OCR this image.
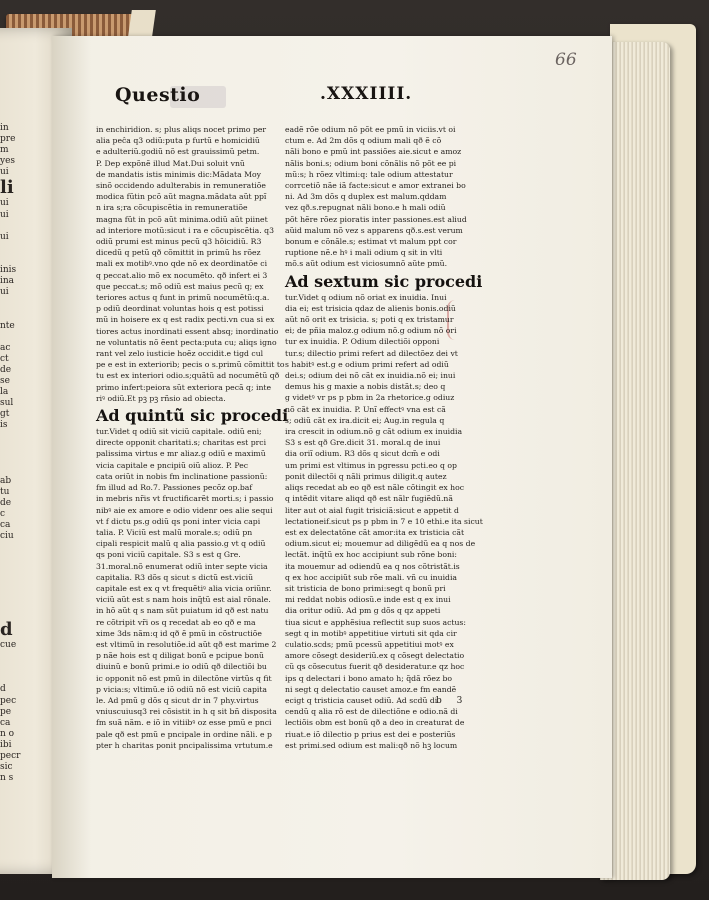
in
pre
m
yes
ui
li
ui
ui

ui

inis
ina
ui

nte

ac
ct
de
se
la
sul
gt
is

ab
tu
de
c
ca
ciu

d
cue

d
pec
pe
ca
n o
ibi
pecr
sic
n s
66
Questio	.XXXIIII.
in enchiridion. s; plus aliqs nocet primo per
alia peĉa q3 odiũ:puta p furtũ e homicidiũ
e adulteriũ.godiũ nõ est grauissimũ petm.
P. Dep expõnẽ illud Mat.Dui soluit vnũ
de mandatis istis minimis dic:Mãdata Moy
sinõ occidendo adulterabis in remuneratiõe
modica fũtin pcõ aũt magna.mãdata aũt ppĩ
n ira s;ra cõcupiscẽtia in remuneratiõe
magna fũt in pcõ aũt minima.odiũ aũt piinet
ad interiore motũ:sicut i ra e cõcupiscẽtia. q3
odiũ prumi est minus pecũ q3 hõicidiũ. R3
dicedũ q petũ qð cõmittit in primũ hs rõez
mali ex motibꝰ.vno qde nõ ex deordinatõe ci
q peccat.alio mõ ex nocumẽto. qð infert ei 3
que peccat.s; mõ odiũ est maius pecũ q; ex
teriores actus q funt in primũ nocumẽtũ:q.a.
p odiũ deordinat voluntas hois q est potissi
mũ in hoisere ex q est radix pecti.vn cua si ex
tiores actus inordinati essent absq; inordinatio
ne voluntatis nõ ẽent pecta:puta cu; aliqs igno
rant vel zelo iusticie hoẽz occidit.e tigd cul
pe e est in exteriorib; pecis o s.primũ cõmittit to
tu est ex interiori odio.s;quãtũ ad nocumẽtũ qð
primo infert:peiora sũt exteriora pecã q; inte
riꝰ odiũ.Et pꝫ pꝫ rñsio ad obiecta.
Ad quintũ sic procedi
tur.Videt q odiũ sit viciũ capitale. odiũ eni;
directe opponit charitati.s; charitas est prci
palissima virtus e mr aliaz.g odiũ e maximũ
vicia capitale e pncipiũ oiũ alioz. P. Pec
cata oriũt in nobis fm inclinatione passionũ:
fm illud ad Ro.7. Passiones pecõz op.baf
in mebris nr̃is vt fructificarẽt morti.s; i passio
nibꝰ aie ex amore e odio videnr oes alie sequi
vt f dictu ps.g odiũ qs poni inter vicia capi
talia. P. Viciũ est malũ morale.s; odiũ pn
cipali respicit malũ q alia passio.g vt q odiũ
qs poni viciũ capitale. S3 s est q Gre.
31.moral.nõ enumerat odiũ inter septe vicia
capitalia. R3 dõs q sicut s dictũ est.viciũ
capitale est ex q vt frequẽtiꝰ alia vicia oriũnr.
viciũ aũt est s nam hois inq̃tũ est aial rõnale.
in hõ aũt q s nam sũt puiatum id qð est natu
re cõtripit vr̃i os q recedat ab eo qð e ma
xime 3ds nãm:q id qð ẽ pmũ in cõstructiõe
est vltimũ in resolutiõe.id aũt qð est marime 2
p nãe hois est q diligat bonũ e pcipue bonũ
diuinũ e bonũ primi.e io odiũ qð dilectiõi bu
ic opponit nõ est pmũ in dilectõne virtũs q fit
p vicia:s; vltimũ.e iõ odiũ nõ est viciũ capita
le. Ad pmũ g dõs q sicut dr in 7 phy.virtus
vniuscuiusq3 rei cõsistit in h q sit bñ disposita
fm suã nãm. e iõ in vitiibꝰ oz esse pmũ e pnci
pale qð est pmũ e pncipale in ordine nãli. e p
pter h charitas ponit pncipalissima vrtutum.e
eadẽ rõe odium nõ põt ee pmũ in viciis.vt oi
ctum e. Ad 2m dõs q odium mali qð ẽ cõ
nãli bono e pmũ int passiões aie.sicut e amoz
nãlis boni.s; odium boni cõnãlis nõ põt ee pi
mũ:s; h rõez vltimi:q: tale odium attestatur
corrcetiõ nãe iã facte:sicut e amor extranei bo
ni. Ad 3m dõs q duplex est malum.qddam
vez qð.s.repugnat nãli bono.e h mali odiũ
põt hẽre rõez pioratis inter passiones.est aliud
aũid malum nõ vez s apparens qð.s.est verum
bonum e cõnãle.s; estimat vt malum ppt cor
ruptione nẽ.e hꝰ i mali odium q sit in vlti
mõ.s aũt odium est viciosumnõ aũte pmũ.
Ad sextum sic procedi
tur.Videt q odium nõ oriat ex inuidia. Inui
dia ei; est trisicia qdaz de alienis bonis.odiũ
aũt nõ orit ex trisicia. s; poti q ex tristamur
ei; de pñia maloz.g odium nõ.g odium nõ ori
tur ex inuidia. P. Odium dilectiõi opponi
tur.s; dilectio primi refert ad dilectõez dei vt
s habitꝰ est.g e odium primi refert ad odiũ
dei.s; odium dei nõ cãt ex inuidia.nõ ei; inui
demus his g maxie a nobis distãt.s; deo q
g videtꝰ vr ps p pbm in 2a rhetorice.g odiuz
nõ cãt ex inuidia. P. Unĩ effectꝰ vna est cã
s; odiũ cãt ex ira.dicit ei; Aug.in regula q
ira crescit in odium.nõ g cãt odium ex inuidia
S3 s est qð Gre.dicit 31. moral.q de inui
dia oriĩ odium. R3 dõs q sicut dcm̃ e odi
um primi est vltimus in pgressu pcti.eo q op
ponit dilectõi q nãli primus diligit.q autez
aliqs recedat ab eo qð est nãle cõtingit ex hoc
q intẽdit vitare aliqd qð est nãlr fugiẽdũ.nã
liter aut ot aial fugit trisiciã:sicut e appetit d
lectationeif.sicut ps p pbm in 7 e 10 ethi.e ita sicut
est ex delectatõne cãt amor:ita ex tristicia cãt
odium.sicut ei; mouemur ad diligẽdũ ea q nos de
lectãt. inq̃tũ ex hoc accipiunt sub rõne boni:
ita mouemur ad odiendũ ea q nos cõtristãt.is
q ex hoc accipiũt sub rõe mali. vñ cu inuidia
sit tristicia de bono primi:segt q bonũ pri
mi reddat nobis odiosũ.e inde est q ex inui
dia oritur odiũ. Ad pm g dõs q qz appeti
tiua sicut e apphẽsiua reflectit sup suos actus:
segt q in motibꝰ appetitiue virtuti sit qda cir
culatio.scds; pmũ pcessũ appetitiui motꝰ ex
amore cõsegt desideriũ.ex q cõsegt delectatio
cũ qs cõsecutus fuerit qð desideratur.e qz hoc
ips q delectari i bono amato h; q̃dã rõez bo
ni segt q delectatio causet amoz.e fm eandẽ
ecigt q tristicia causet odiũ. Ad scdũ di
cendũ q alia rõ est de dilectiõne e odio.nã di
lectiõis obm est bonũ qð a deo in creaturat de
riuat.e iõ dilectio p prius est dei e posteriũs
est primi.sed odium est mali:qð nõ hꝫ locum
b 3
